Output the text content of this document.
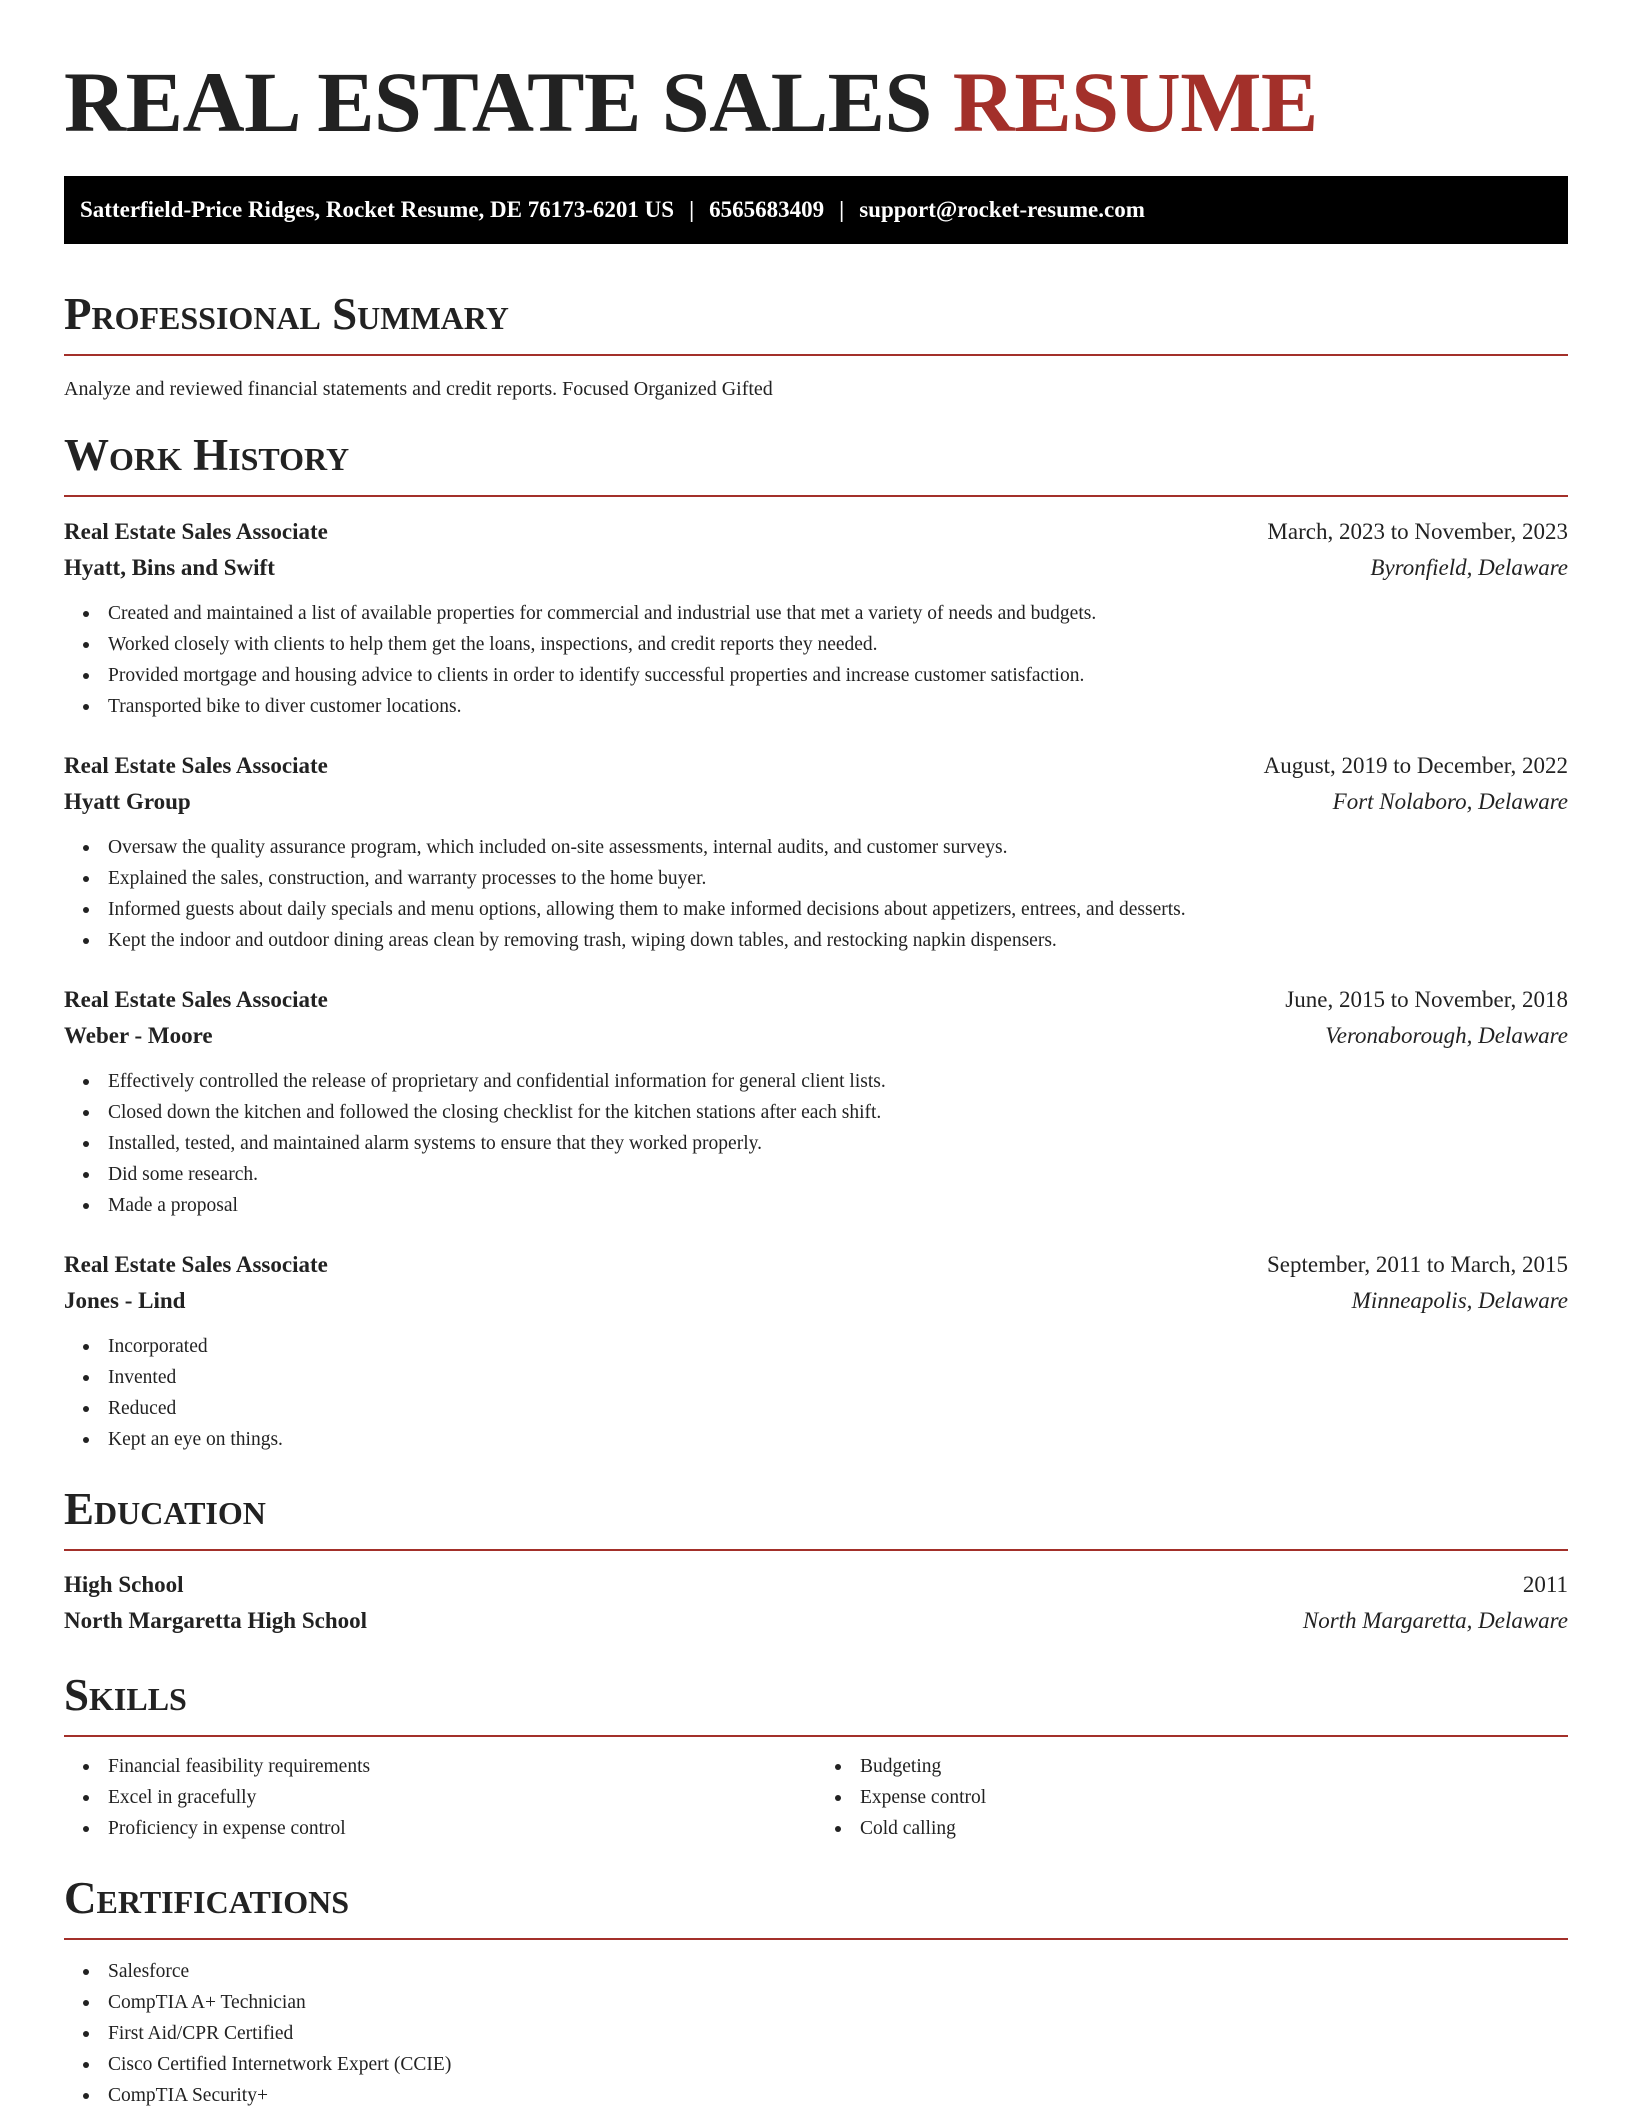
REAL ESTATE SALES RESUME
Satterfield-Price Ridges, Rocket Resume, DE 76173-6201 US | 6565683409 | support@rocket-resume.com
Professional Summary
Analyze and reviewed financial statements and credit reports. Focused Organized Gifted
Work History
Real Estate Sales Associate	March, 2023 to November, 2023
Hyatt, Bins and Swift	Byronfield, Delaware
Created and maintained a list of available properties for commercial and industrial use that met a variety of needs and budgets.
Worked closely with clients to help them get the loans, inspections, and credit reports they needed.
Provided mortgage and housing advice to clients in order to identify successful properties and increase customer satisfaction.
Transported bike to diver customer locations.
Real Estate Sales Associate	August, 2019 to December, 2022
Hyatt Group	Fort Nolaboro, Delaware
Oversaw the quality assurance program, which included on-site assessments, internal audits, and customer surveys.
Explained the sales, construction, and warranty processes to the home buyer.
Informed guests about daily specials and menu options, allowing them to make informed decisions about appetizers, entrees, and desserts.
Kept the indoor and outdoor dining areas clean by removing trash, wiping down tables, and restocking napkin dispensers.
Real Estate Sales Associate	June, 2015 to November, 2018
Weber - Moore	Veronaborough, Delaware
Effectively controlled the release of proprietary and confidential information for general client lists.
Closed down the kitchen and followed the closing checklist for the kitchen stations after each shift.
Installed, tested, and maintained alarm systems to ensure that they worked properly.
Did some research.
Made a proposal
Real Estate Sales Associate	September, 2011 to March, 2015
Jones - Lind	Minneapolis, Delaware
Incorporated
Invented
Reduced
Kept an eye on things.
Education
High School	2011
North Margaretta High School	North Margaretta, Delaware
Skills
Financial feasibility requirements
Excel in gracefully
Proficiency in expense control
Budgeting
Expense control
Cold calling
Certifications
Salesforce
CompTIA A+ Technician
First Aid/CPR Certified
Cisco Certified Internetwork Expert (CCIE)
CompTIA Security+
